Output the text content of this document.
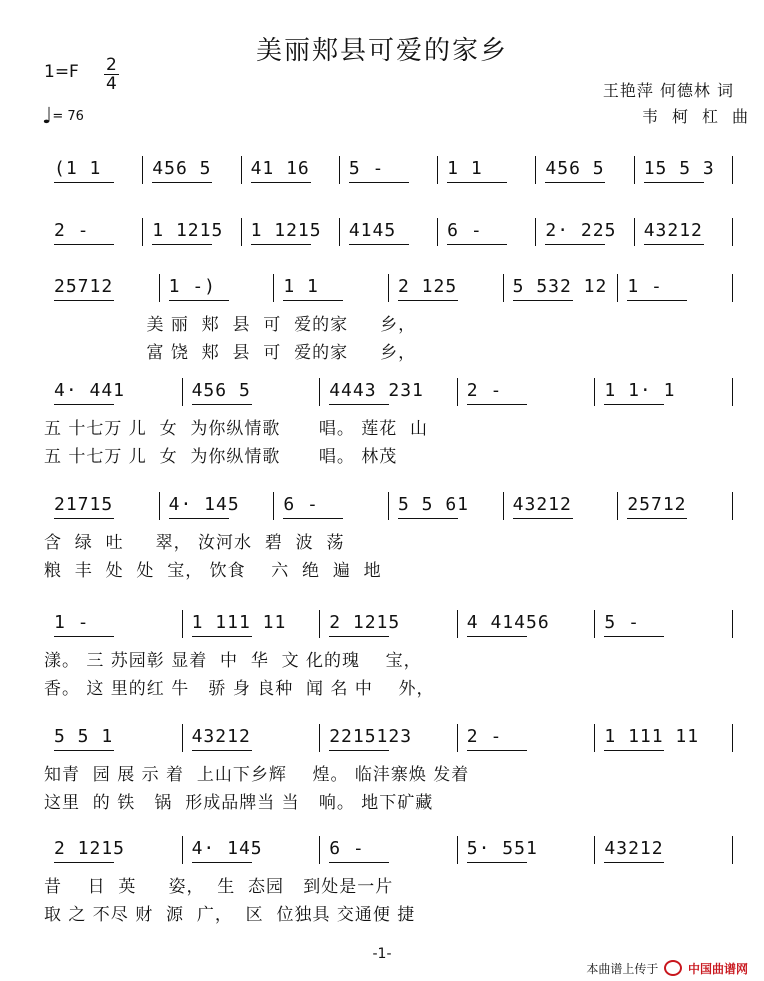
美丽郏县可爱的家乡
1=F 2
4
♩= 76
王艳萍 何德林 词
韦柯杠曲
(1 1	456 5 41 16 5 -	1 1	456 5 15 5 3
2 -	1 1215 1 1215 4145	6 -	2· 225 43212
25712	1 -)	1 1	2 125	5 532 12 1 -
美 丽  郏  县  可  爱的家     乡，
富 饶  郏  县  可  爱的家     乡，
4· 441	456 5	4443 231 2 -	1 1· 1
五 十七万 儿  女  为你纵情歌      唱。 莲花  山
五 十七万 儿  女  为你纵情歌      唱。 林茂
21715	4· 145 6 -	5 5 61 43212	25712
含  绿  吐     翠， 汝河水  碧  波  荡
粮  丰  处  处  宝， 饮食    六  绝  遍  地
1 -	1 111 11 2 1215	4 41456	5 -
漾。 三 苏园彰 显着  中  华  文 化的瑰    宝，
香。 这 里的红 牛   骄 身 良种  闻 名 中    外，
5 5 1	43212	2215123	2 -	1 111 11
知青  园 展 示 着  上山下乡辉    煌。 临沣寨焕 发着
这里  的 铁   锅  形成品牌当 当   响。 地下矿藏
2 1215	4· 145	6 -	5· 551	43212
昔    日  英     姿，  生  态园   到处是一片
取 之 不尽 财  源  广，  区  位独具 交通便 捷
-1-
本曲谱上传于 中国曲谱网
